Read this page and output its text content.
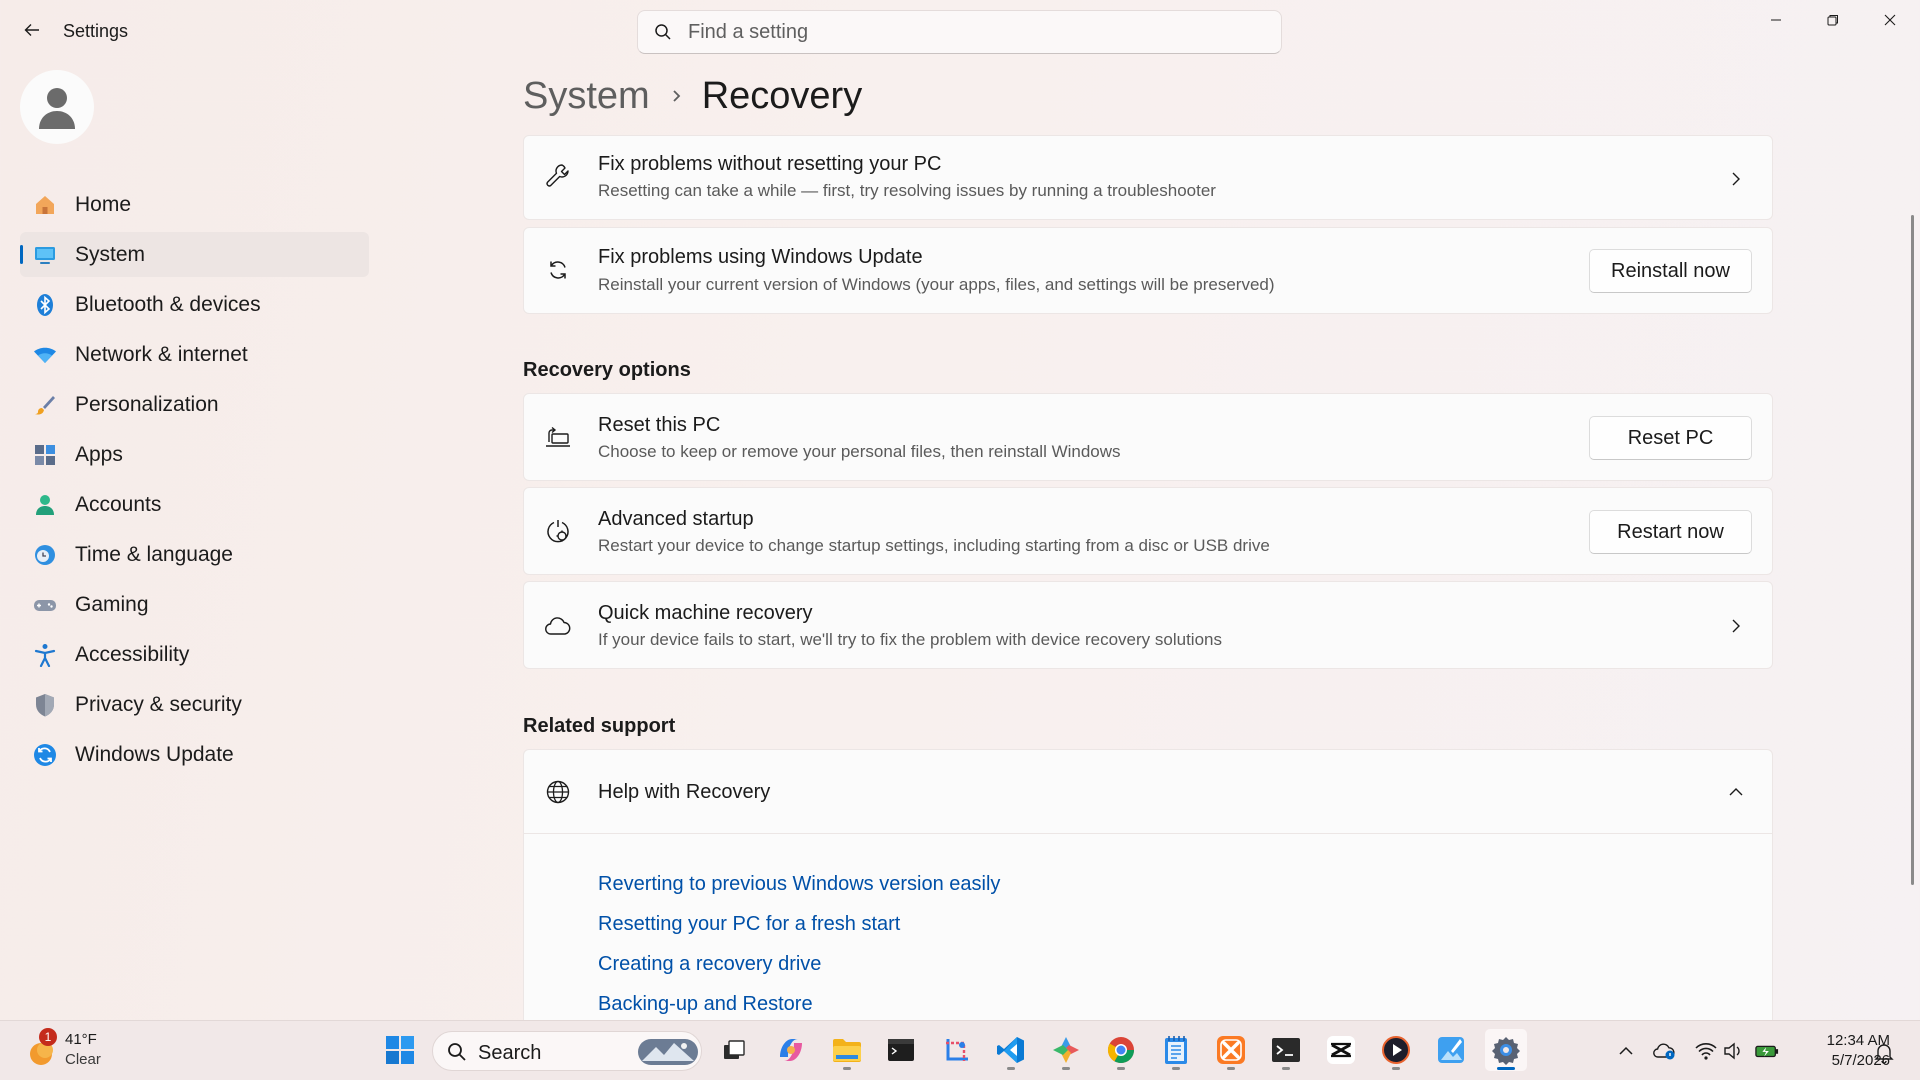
Settings
Find a setting
Home
System
Bluetooth & devices
Network & internet
Personalization
Apps
Accounts
Time & language
Gaming
Accessibility
Privacy & security
Windows Update
System Recovery
Fix problems without resetting your PC
Resetting can take a while — first, try resolving issues by running a troubleshooter
Fix problems using Windows Update
Reinstall your current version of Windows (your apps, files, and settings will be preserved)
Reinstall now
Recovery options
Reset this PC
Choose to keep or remove your personal files, then reinstall Windows
Reset PC
Advanced startup
Restart your device to change startup settings, including starting from a disc or USB drive
Restart now
Quick machine recovery
If your device fails to start, we'll try to fix the problem with device recovery solutions
Related support
Help with Recovery
Reverting to previous Windows version easily
Resetting your PC for a fresh start
Creating a recovery drive
Backing-up and Restore
1 41°F
Clear	Search
12:34 AM
5/7/2026
